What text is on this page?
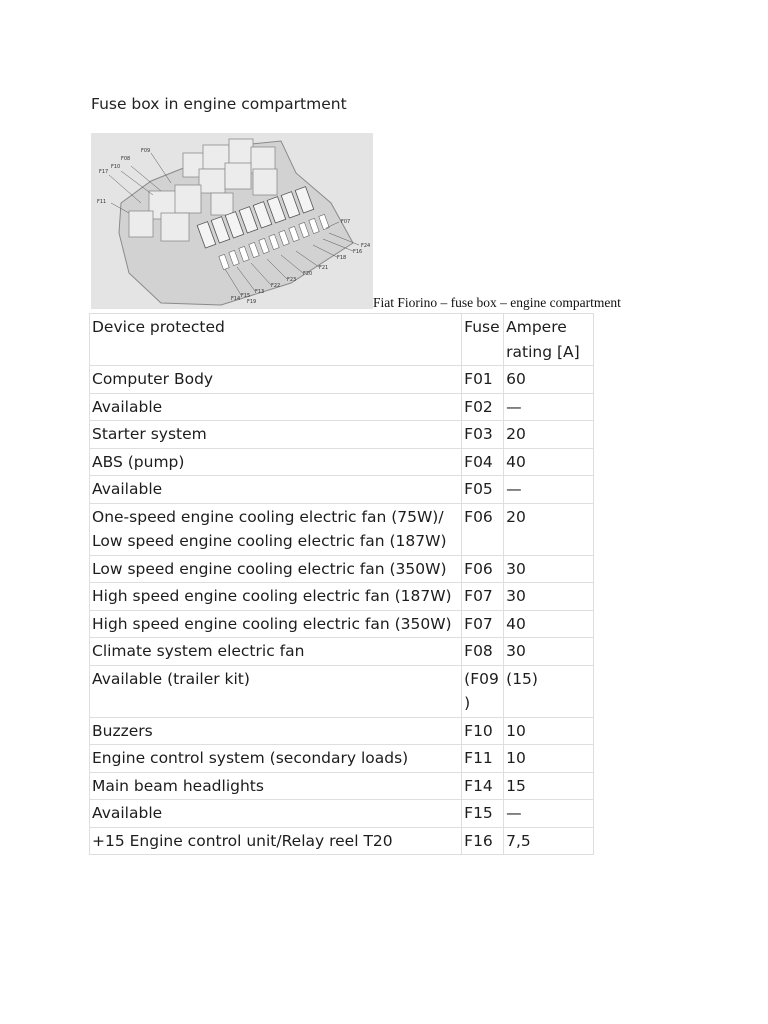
Fuse box in engine compartment
F09
F08
F10
F17
F11
F07
F24
F16
F18
F21
F20
F23
F22
F13
F15
F14 F19	Fiat Fiorino – fuse box – engine compartment
Device protected	Fuse	Ampere rating [A]
Computer Body	F01	60
Available	F02	—
Starter system	F03	20
ABS (pump)	F04	40
Available	F05	—
One-speed engine cooling electric fan (75W)/ Low speed engine cooling electric fan (187W)	F06	20
Low speed engine cooling electric fan (350W)	F06	30
High speed engine cooling electric fan (187W)	F07	30
High speed engine cooling electric fan (350W)	F07	40
Climate system electric fan	F08	30
Available (trailer kit)	(F09 )	(15)
Buzzers	F10	10
Engine control system (secondary loads)	F11	10
Main beam headlights	F14	15
Available	F15	—
+15 Engine control unit/Relay reel T20	F16	7,5
